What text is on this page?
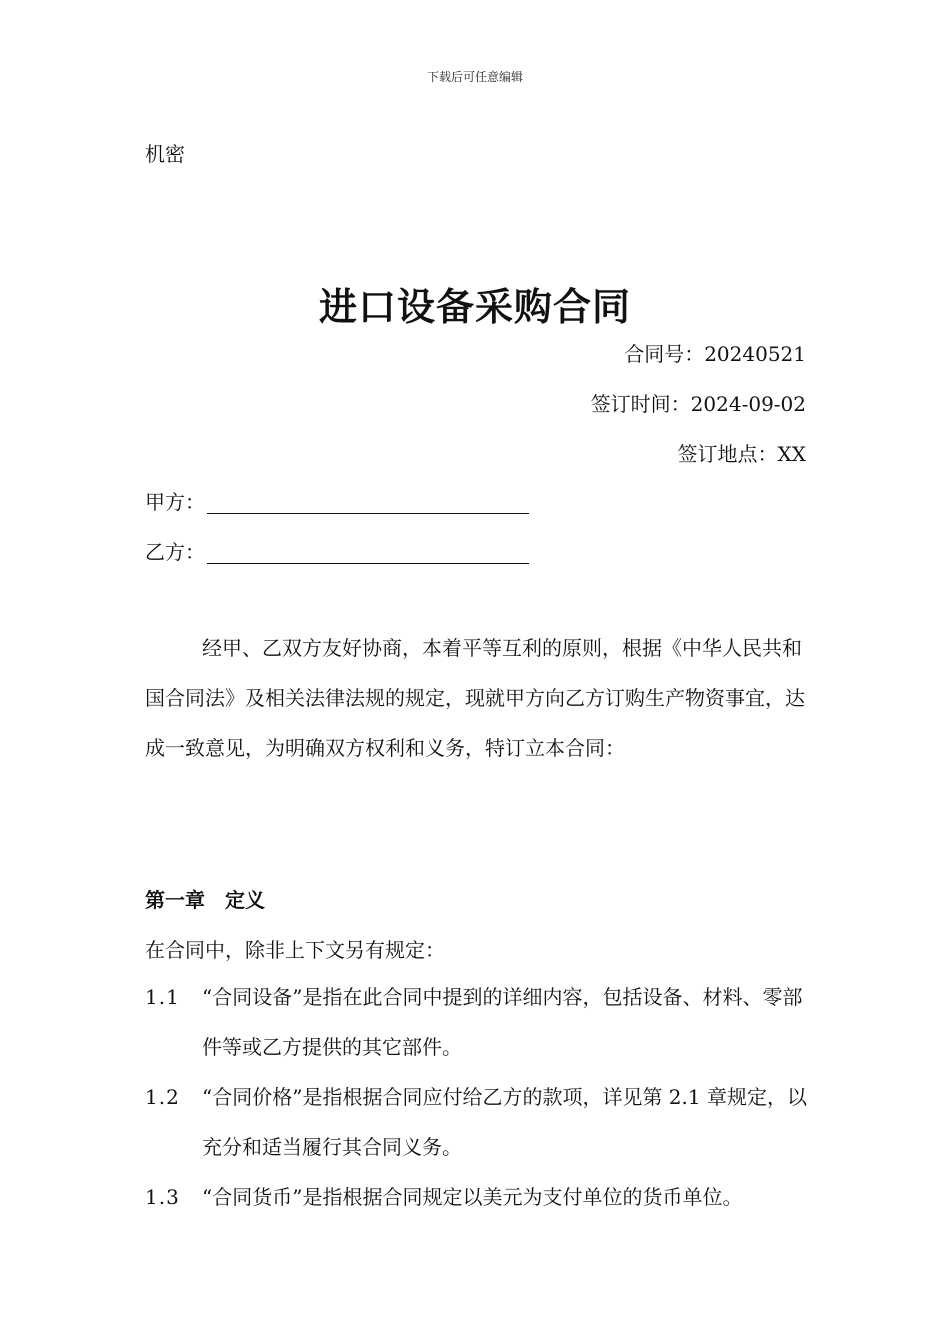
下载后可任意编辑
机密
进口设备采购合同
合同号：20240521
签订时间：2024-09-02
签订地点：XX
甲方：
乙方：
经甲、乙双方友好协商，本着平等互利的原则，根据《中华人民共和国合同法》及相关法律法规的规定，现就甲方向乙方订购生产物资事宜，达成一致意见，为明确双方权利和义务，特订立本合同：
第一章 定义
在合同中，除非上下文另有规定：
1.1	“合同设备”是指在此合同中提到的详细内容，包括设备、材料、零部件等或乙方提供的其它部件。
1.2	“合同价格”是指根据合同应付给乙方的款项，详见第 2.1 章规定，以充分和适当履行其合同义务。
1.3	“合同货币”是指根据合同规定以美元为支付单位的货币单位。
